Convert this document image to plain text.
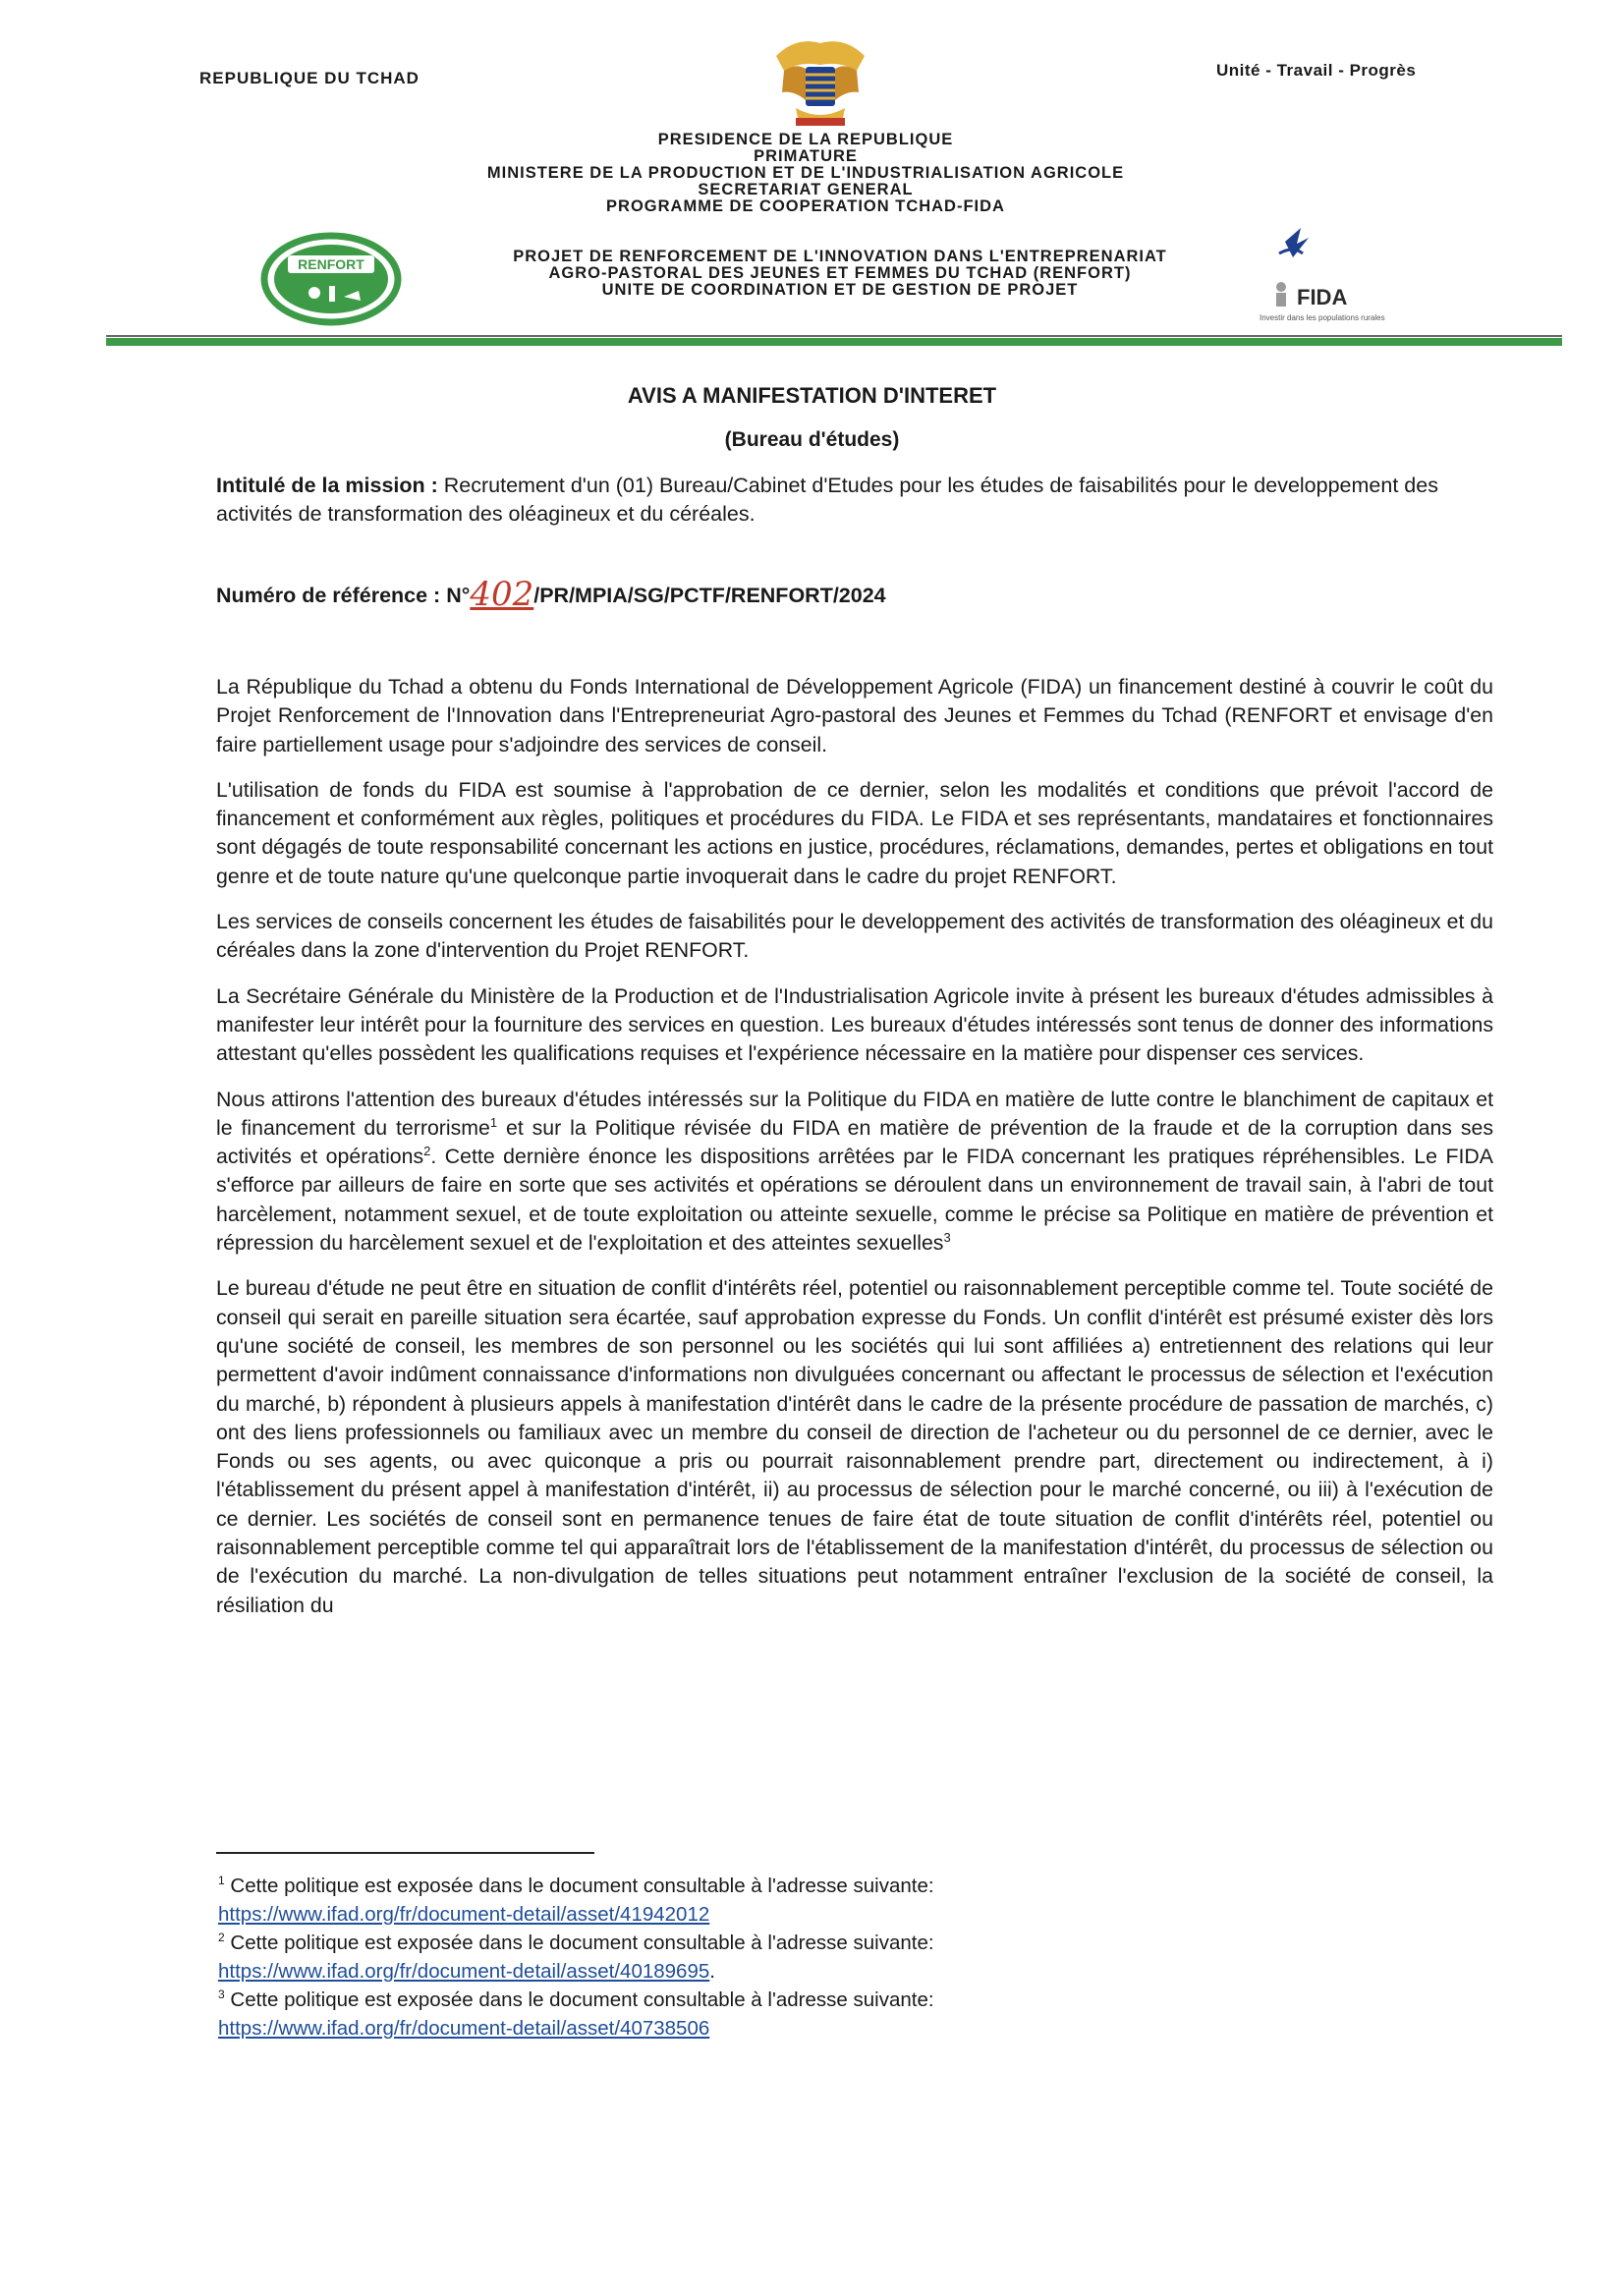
REPUBLIQUE DU TCHAD	Unité - Travail - Progrès
PRESIDENCE DE LA REPUBLIQUE
PRIMATURE
MINISTERE DE LA PRODUCTION ET DE L'INDUSTRIALISATION AGRICOLE
SECRETARIAT GENERAL
PROGRAMME DE COOPERATION TCHAD-FIDA
RENFORT	PROJET DE RENFORCEMENT DE L'INNOVATION DANS L'ENTREPRENARIAT
AGRO-PASTORAL DES JEUNES ET FEMMES DU TCHAD (RENFORT)
UNITE DE COORDINATION ET DE GESTION DE PROJET	FIDA
Investir dans les populations rurales
AVIS A MANIFESTATION D'INTERET
(Bureau d'études)
Intitulé de la mission : Recrutement d'un (01) Bureau/Cabinet d'Etudes pour les études de faisabilités pour le developpement des activités de transformation des oléagineux et du céréales.
Numéro de référence : N°402/PR/MPIA/SG/PCTF/RENFORT/2024

La République du Tchad a obtenu du Fonds International de Développement Agricole (FIDA) un financement destiné à couvrir le coût du Projet Renforcement de l'Innovation dans l'Entrepreneuriat Agro-pastoral des Jeunes et Femmes du Tchad (RENFORT et envisage d'en faire partiellement usage pour s'adjoindre des services de conseil.

L'utilisation de fonds du FIDA est soumise à l'approbation de ce dernier, selon les modalités et conditions que prévoit l'accord de financement et conformément aux règles, politiques et procédures du FIDA. Le FIDA et ses représentants, mandataires et fonctionnaires sont dégagés de toute responsabilité concernant les actions en justice, procédures, réclamations, demandes, pertes et obligations en tout genre et de toute nature qu'une quelconque partie invoquerait dans le cadre du projet RENFORT.

Les services de conseils concernent les études de faisabilités pour le developpement des activités de transformation des oléagineux et du céréales dans la zone d'intervention du Projet RENFORT.

La Secrétaire Générale du Ministère de la Production et de l'Industrialisation Agricole invite à présent les bureaux d'études admissibles à manifester leur intérêt pour la fourniture des services en question. Les bureaux d'études intéressés sont tenus de donner des informations attestant qu'elles possèdent les qualifications requises et l'expérience nécessaire en la matière pour dispenser ces services.

Nous attirons l'attention des bureaux d'études intéressés sur la Politique du FIDA en matière de lutte contre le blanchiment de capitaux et le financement du terrorisme$^1$ et sur la Politique révisée du FIDA en matière de prévention de la fraude et de la corruption dans ses activités et opérations$^2$. Cette dernière énonce les dispositions arrêtées par le FIDA concernant les pratiques répréhensibles. Le FIDA s'efforce par ailleurs de faire en sorte que ses activités et opérations se déroulent dans un environnement de travail sain, à l'abri de tout harcèlement, notamment sexuel, et de toute exploitation ou atteinte sexuelle, comme le précise sa Politique en matière de prévention et répression du harcèlement sexuel et de l'exploitation et des atteintes sexuelles$^3$

Le bureau d'étude ne peut être en situation de conflit d'intérêts réel, potentiel ou raisonnablement perceptible comme tel. Toute société de conseil qui serait en pareille situation sera écartée, sauf approbation expresse du Fonds. Un conflit d'intérêt est présumé exister dès lors qu'une société de conseil, les membres de son personnel ou les sociétés qui lui sont affiliées a) entretiennent des relations qui leur permettent d'avoir indûment connaissance d'informations non divulguées concernant ou affectant le processus de sélection et l'exécution du marché, b) répondent à plusieurs appels à manifestation d'intérêt dans le cadre de la présente procédure de passation de marchés, c) ont des liens professionnels ou familiaux avec un membre du conseil de direction de l'acheteur ou du personnel de ce dernier, avec le Fonds ou ses agents, ou avec quiconque a pris ou pourrait raisonnablement prendre part, directement ou indirectement, à i) l'établissement du présent appel à manifestation d'intérêt, ii) au processus de sélection pour le marché concerné, ou iii) à l'exécution de ce dernier. Les sociétés de conseil sont en permanence tenues de faire état de toute situation de conflit d'intérêts réel, potentiel ou raisonnablement perceptible comme tel qui apparaîtrait lors de l'établissement de la manifestation d'intérêt, du processus de sélection ou de l'exécution du marché. La non-divulgation de telles situations peut notamment entraîner l'exclusion de la société de conseil, la résiliation du

$^1$ Cette politique est exposée dans le document consultable à l'adresse suivante:
https://www.ifad.org/fr/document-detail/asset/41942012
$^2$ Cette politique est exposée dans le document consultable à l'adresse suivante:
https://www.ifad.org/fr/document-detail/asset/40189695.
$^3$ Cette politique est exposée dans le document consultable à l'adresse suivante:
https://www.ifad.org/fr/document-detail/asset/40738506
